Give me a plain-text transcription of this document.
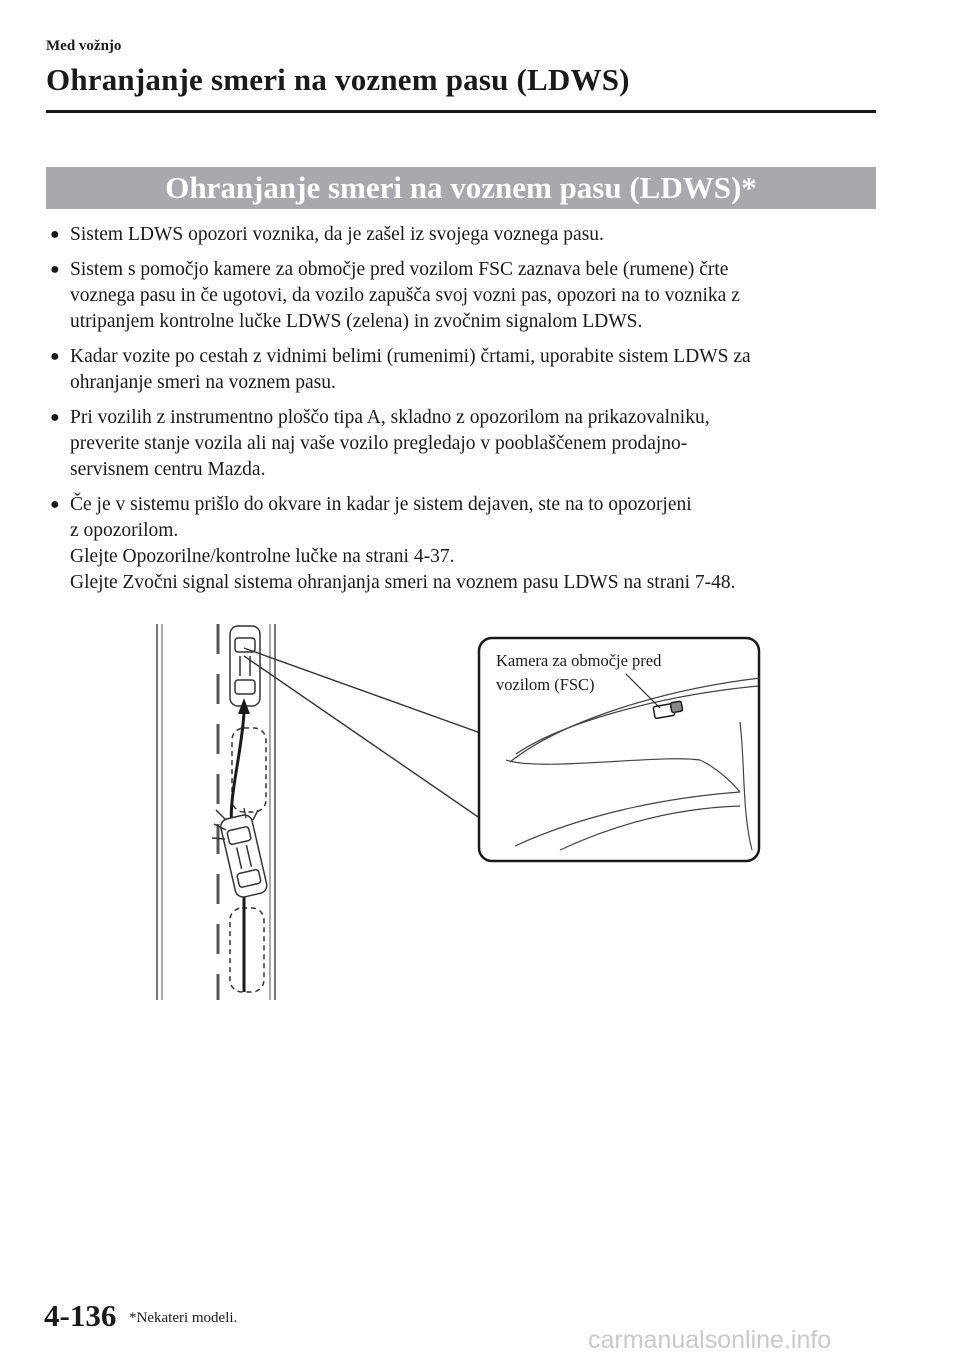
Med vožnjo
Ohranjanje smeri na voznem pasu (LDWS)
Ohranjanje smeri na voznem pasu (LDWS)*
● Sistem LDWS opozori voznika, da je zašel iz svojega voznega pasu.
● Sistem s pomočjo kamere za območje pred vozilom FSC zaznava bele (rumene) črte
voznega pasu in če ugotovi, da vozilo zapušča svoj vozni pas, opozori na to voznika z
utripanjem kontrolne lučke LDWS (zelena) in zvočnim signalom LDWS.
● Kadar vozite po cestah z vidnimi belimi (rumenimi) črtami, uporabite sistem LDWS za
ohranjanje smeri na voznem pasu.
● Pri vozilih z instrumentno ploščo tipa A, skladno z opozorilom na prikazovalniku,
preverite stanje vozila ali naj vaše vozilo pregledajo v pooblaščenem prodajno-
servisnem centru Mazda.
● Če je v sistemu prišlo do okvare in kadar je sistem dejaven, ste na to opozorjeni
z opozorilom.
Glejte Opozorilne/kontrolne lučke na strani 4-37.
Glejte Zvočni signal sistema ohranjanja smeri na voznem pasu LDWS na strani 7-48.
Kamera za območje pred
vozilom (FSC)
4-136 *Nekateri modeli.
carmanualsonline.info
